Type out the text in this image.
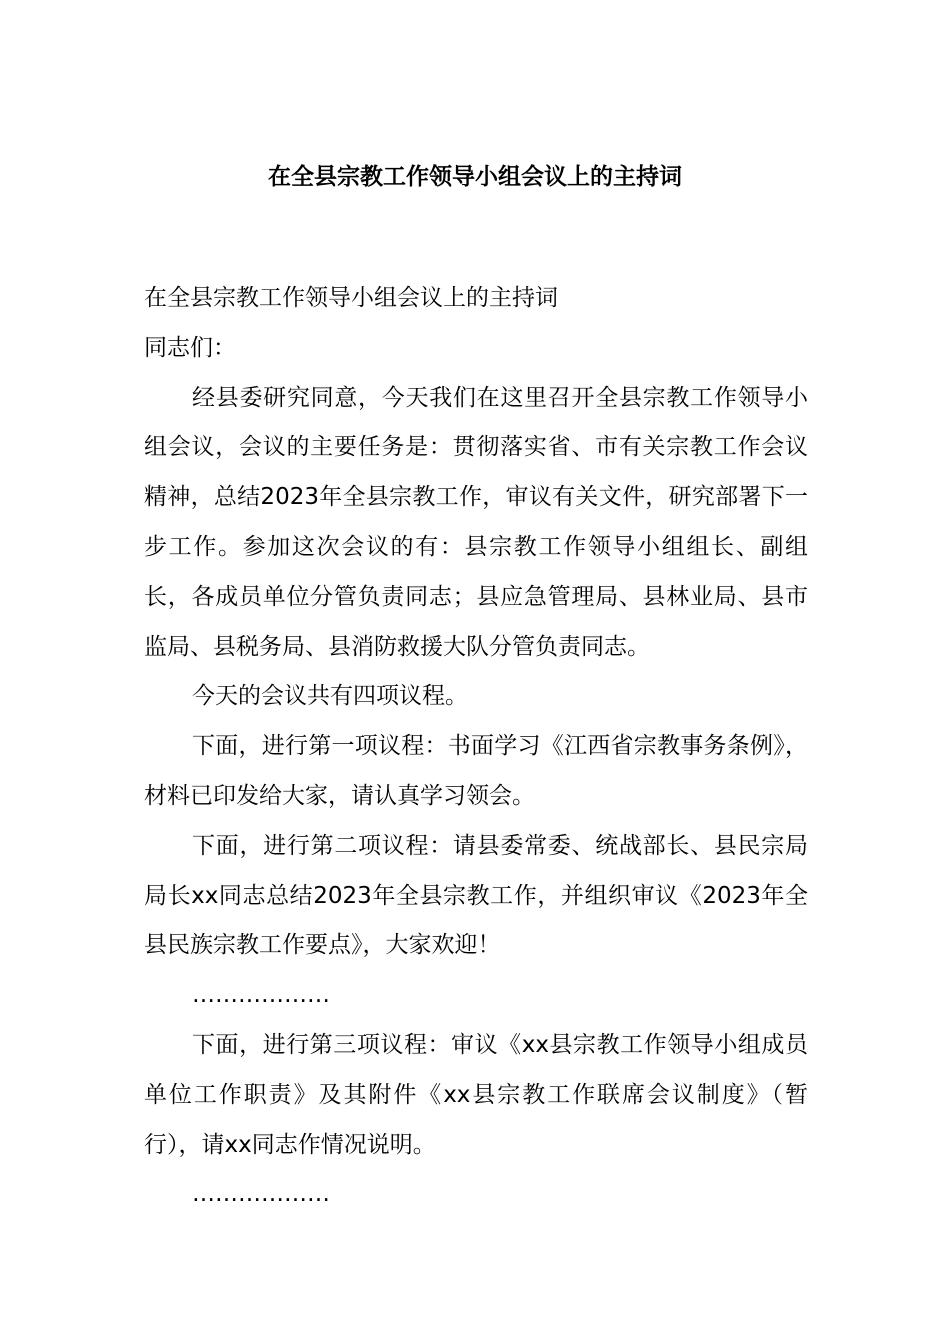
在全县宗教工作领导小组会议上的主持词

在全县宗教工作领导小组会议上的主持词

同志们：

经县委研究同意，今天我们在这里召开全县宗教工作领导小组会议，会议的主要任务是：贯彻落实省、市有关宗教工作会议精神，总结2023年全县宗教工作，审议有关文件，研究部署下一步工作。参加这次会议的有：县宗教工作领导小组组长、副组长，各成员单位分管负责同志；县应急管理局、县林业局、县市监局、县税务局、县消防救援大队分管负责同志。

今天的会议共有四项议程。

下面，进行第一项议程：书面学习《江西省宗教事务条例》，材料已印发给大家，请认真学习领会。

下面，进行第二项议程：请县委常委、统战部长、县民宗局局长xx同志总结2023年全县宗教工作，并组织审议《2023年全县民族宗教工作要点》，大家欢迎！

………………

下面，进行第三项议程：审议《xx县宗教工作领导小组成员单位工作职责》及其附件《xx县宗教工作联席会议制度》（暂行），请xx同志作情况说明。

………………
